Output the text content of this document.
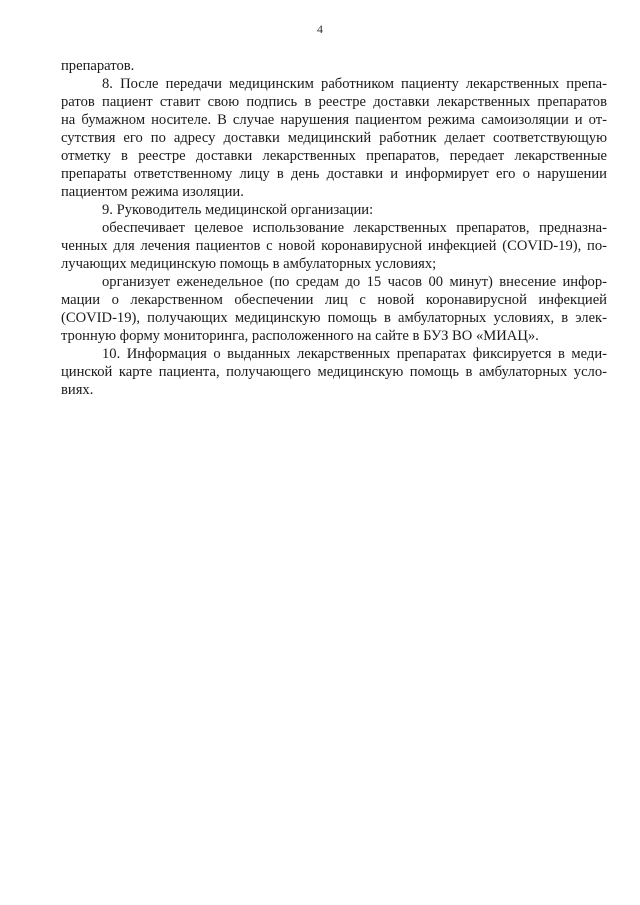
4
препаратов.
8. После передачи медицинским работником пациенту лекарственных препа-
ратов пациент ставит свою подпись в реестре доставки лекарственных препаратов
на бумажном носителе. В случае нарушения пациентом режима самоизоляции и от-
сутствия его по адресу доставки медицинский работник делает соответствующую
отметку в реестре доставки лекарственных препаратов, передает лекарственные
препараты ответственному лицу в день доставки и информирует его о нарушении
пациентом режима изоляции.
9. Руководитель медицинской организации:
обеспечивает целевое использование лекарственных препаратов, предназна-
ченных для лечения пациентов с новой коронавирусной инфекцией (COVID-19), по-
лучающих медицинскую помощь в амбулаторных условиях;
организует еженедельное (по средам до 15 часов 00 минут) внесение инфор-
мации о лекарственном обеспечении лиц с новой коронавирусной инфекцией
(COVID-19), получающих медицинскую помощь в амбулаторных условиях, в элек-
тронную форму мониторинга, расположенного на сайте в БУЗ ВО «МИАЦ».
10. Информация о выданных лекарственных препаратах фиксируется в меди-
цинской карте пациента, получающего медицинскую помощь в амбулаторных усло-
виях.
